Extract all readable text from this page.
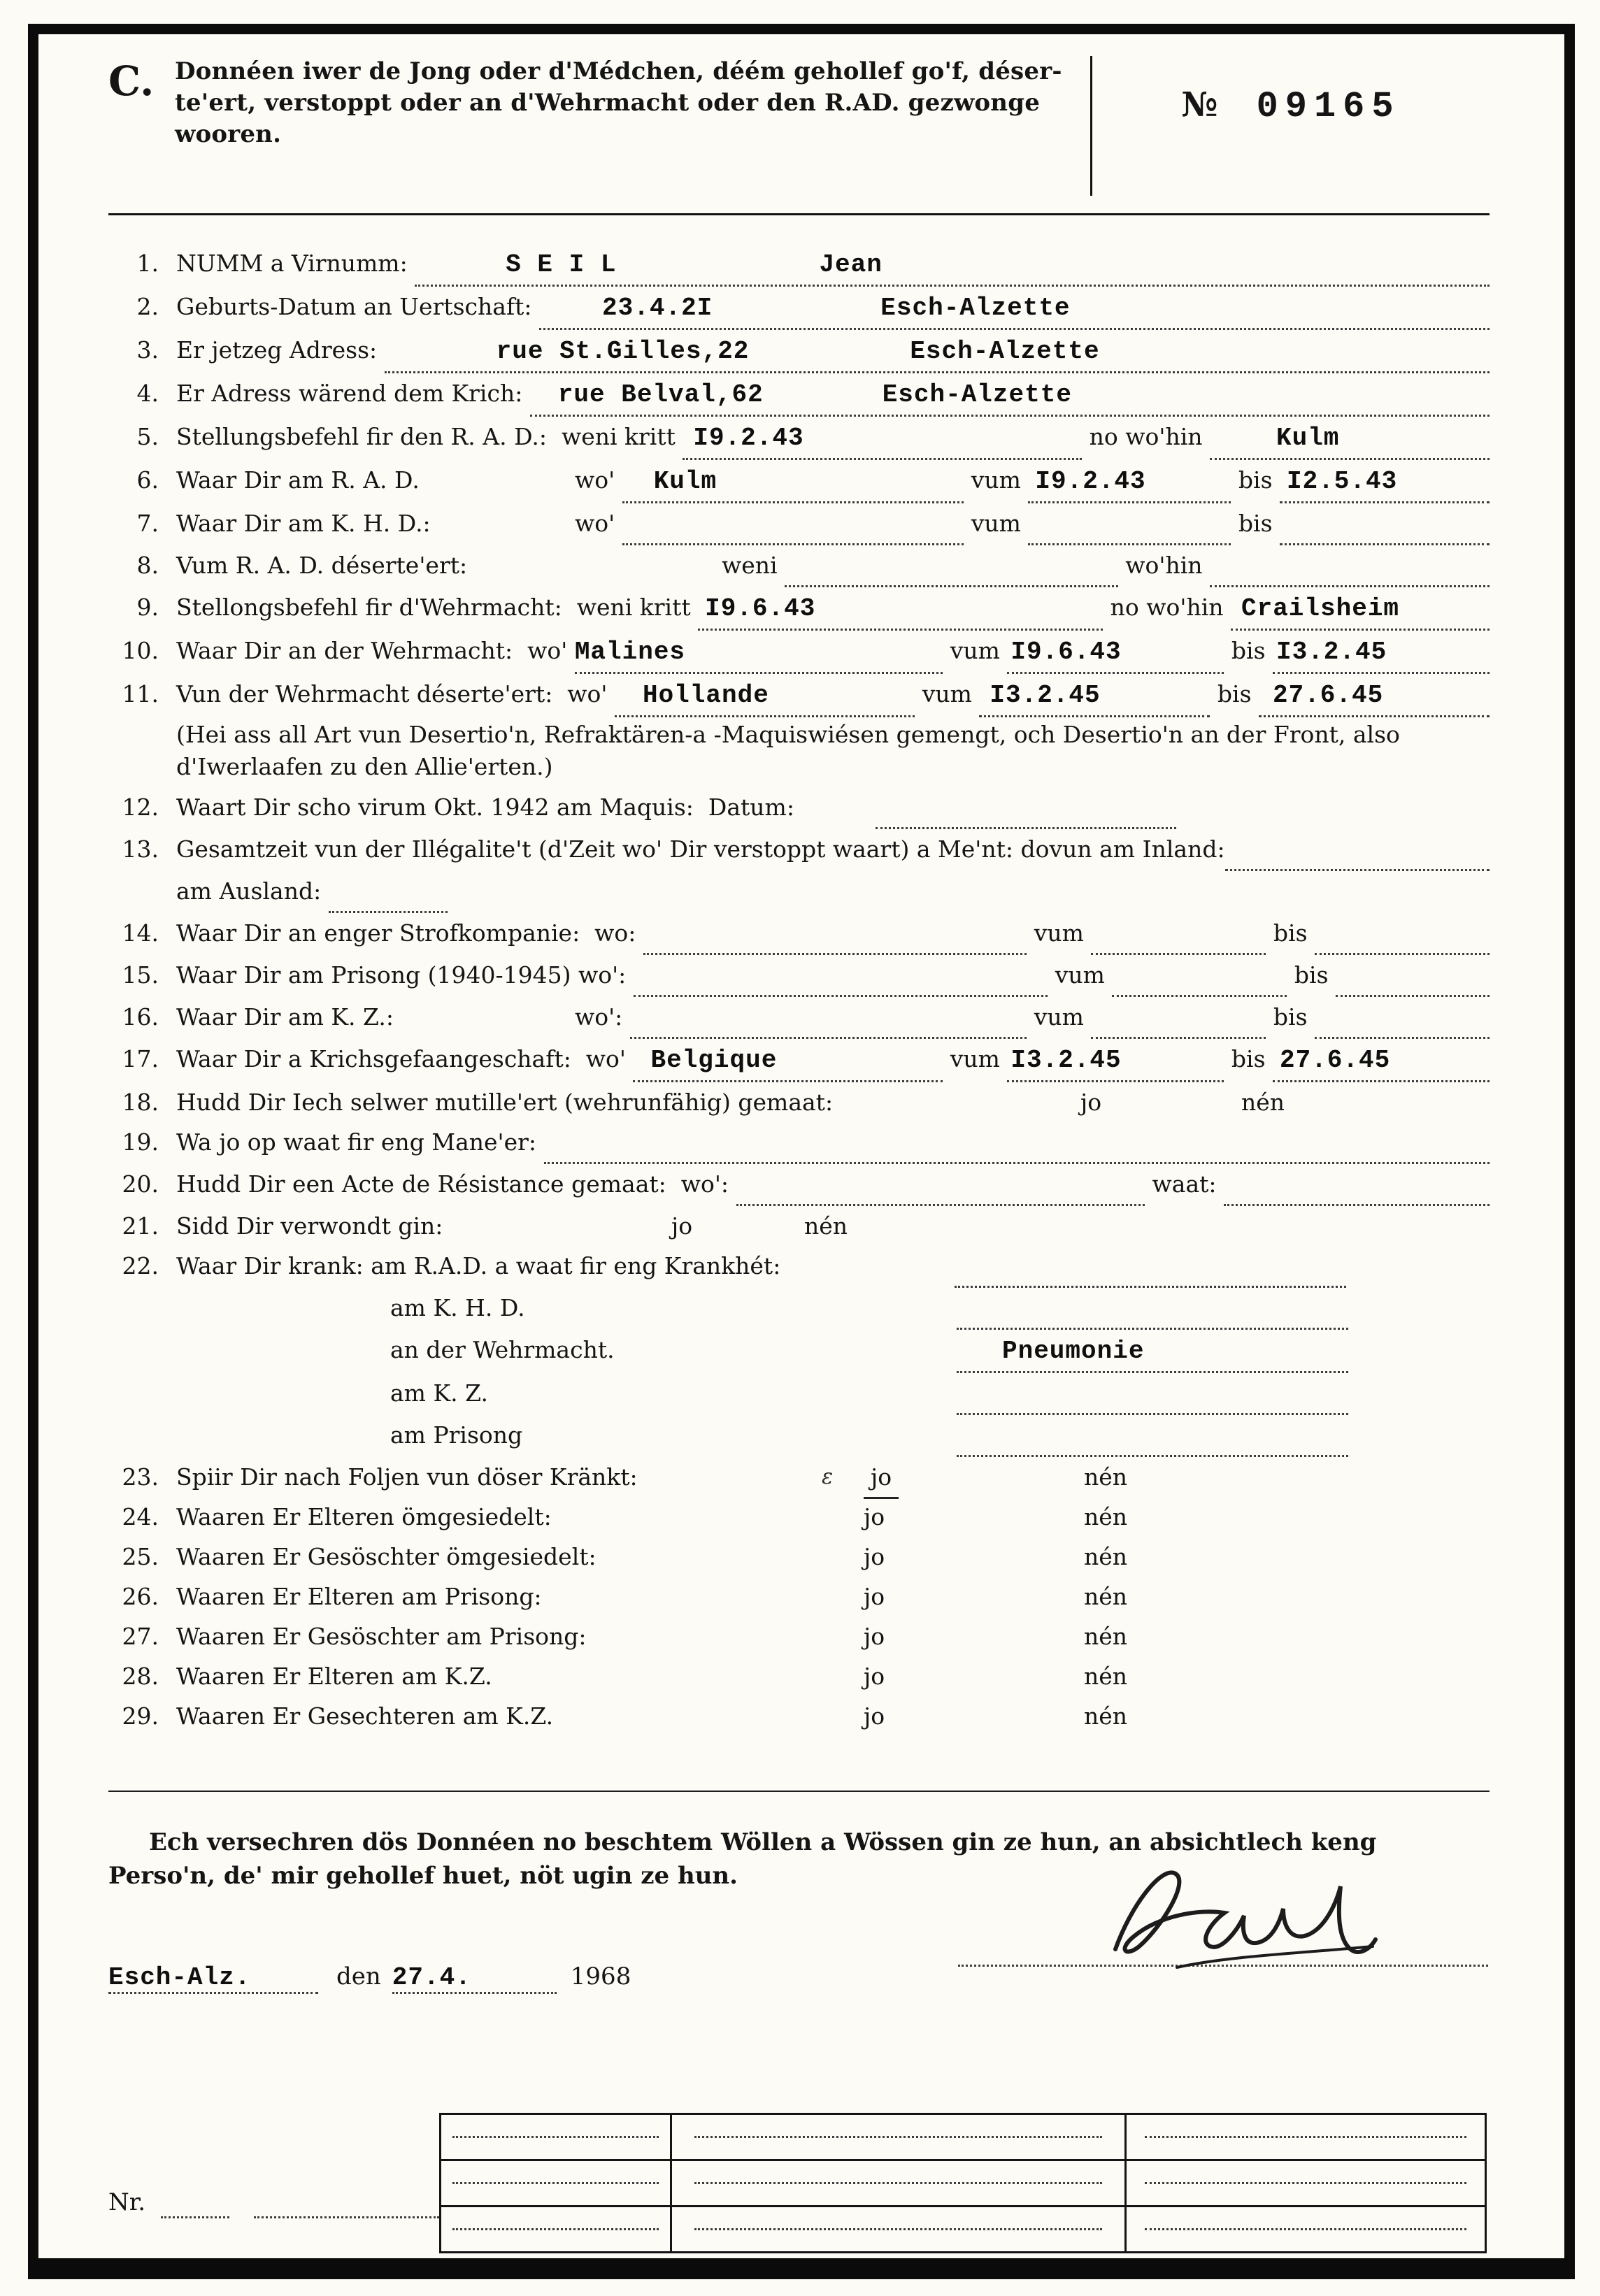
C. Donnéen iwer de Jong oder d'Médchen, déém gehollef go'f, déser-
te'ert, verstoppt oder an d'Wehrmacht oder den R.AD. gezwonge
wooren.
№ 09165
1. NUMM a Virnumm:	S E I L	Jean ​
2. Geburts-Datum an Uertschaft:	23.4.2I	Esch-Alzette ​
3. Er jetzeg Adress:	rue St.Gilles,22	Esch-Alzette ​
4. Er Adress wärend dem Krich:	rue Belval,62	Esch-Alzette ​
5. Stellungsbefehl fir den R. A. D.:  weni kritt I9.2.43 ​	no wo'hin	Kulm ​
6. Waar Dir am R. A. D.	wo'	Kulm ​	vum I9.2.43 ​	bis I2.5.43 ​
7. Waar Dir am K. H. D.:	wo' ​	vum ​	bis
​
8. Vum R. A. D. déserte'ert:	weni ​	wo'hin
​
9. Stellongsbefehl fir d'Wehrmacht:  weni kritt I9.6.43 ​	no wo'hin Crailsheim ​
10. Waar Dir an der Wehrmacht:  wo' Malines ​	vum I9.6.43 ​	bis I3.2.45 ​
11. Vun der Wehrmacht déserte'ert:  wo'	Hollande ​	vum I3.2.45 ​	bis 27.6.45 ​
(Hei ass all Art vun Desertio'n, Refraktären-a -Maquiswiésen gemengt, och Desertio'n an der Front, also d'Iwerlaafen zu den Allie'erten.)
12. Waart Dir scho virum Okt. 1942 am Maquis:  Datum:
​
13. Gesamtzeit vun der Illégalite't (d'Zeit wo' Dir verstoppt waart) a Me'nt: dovun am Inland:
​
am Ausland:
​
14. Waar Dir an enger Strofkompanie:  wo: ​	vum ​	bis
​
15. Waar Dir am Prisong (1940-1945) wo': ​	vum ​	bis
​
16. Waar Dir am K. Z.:	wo': ​	vum ​	bis
​
17. Waar Dir a Krichsgefaangeschaft:  wo' Belgique ​	vum I3.2.45 ​	bis 27.6.45 ​
18. Hudd Dir Iech selwer mutille'ert (wehrunfähig) gemaat:	jo	nén
19. Wa jo op waat fir eng Mane'er:
​
20. Hudd Dir een Acte de Résistance gemaat:  wo': ​	waat:
​
21. Sidd Dir verwondt gin:	jo	nén
22. Waar Dir krank: am R.A.D. a waat fir eng Krankhét:
​
am K. H. D.
​
an der Wehrmacht.	Pneumonie ​
am K. Z.
​
am Prisong
​
23. Spiir Dir nach Foljen vun döser Kränkt:	ε	jo	nén
24. Waaren Er Elteren ömgesiedelt:	jo	nén
25. Waaren Er Gesöschter ömgesiedelt:	jo	nén
26. Waaren Er Elteren am Prisong:	jo	nén
27. Waaren Er Gesöschter am Prisong:	jo	nén
28. Waaren Er Elteren am K.Z.	jo	nén
29. Waaren Er Gesechteren am K.Z.	jo	nén
Ech versechren dös Donnéen no beschtem Wöllen a Wössen gin ze hun, an absichtlech keng
Perso'n, de' mir gehollef huet, nöt ugin ze hun.
Esch-Alz. ​	den 27.4. ​	1968
Nr.
​
​
